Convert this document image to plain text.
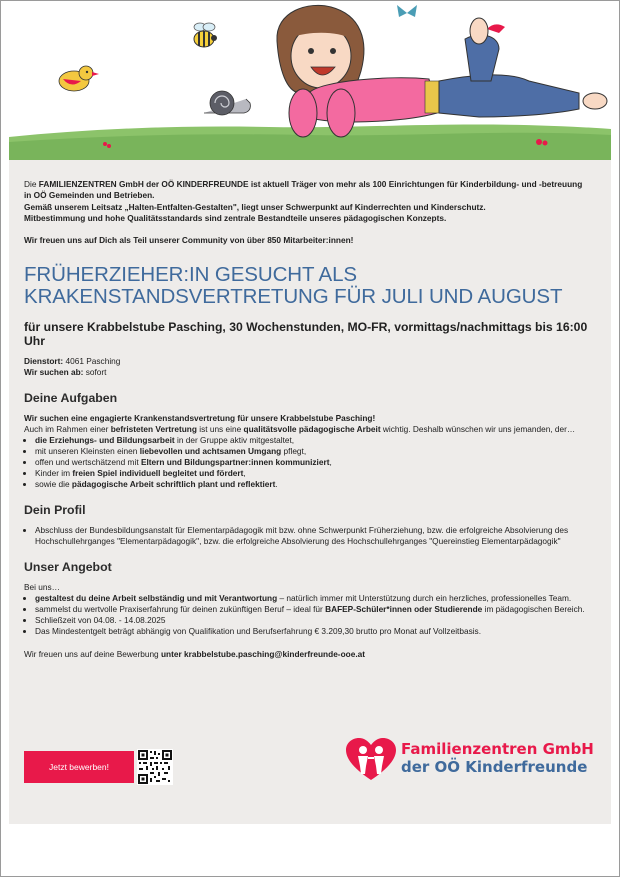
Die FAMILIENZENTREN GmbH der OÖ KINDERFREUNDE ist aktuell Träger von mehr als 100 Einrichtungen für Kinderbildung- und -betreuung in OÖ Gemeinden und Betrieben.

Gemäß unserem Leitsatz „Halten-Entfalten-Gestalten", liegt unser Schwerpunkt auf Kinderrechten und Kinderschutz.

Mitbestimmung und hohe Qualitätsstandards sind zentrale Bestandteile unseres pädagogischen Konzepts.

Wir freuen uns auf Dich als Teil unserer Community von über 850 Mitarbeiter:innen!

FRÜHERZIEHER:IN GESUCHT ALS KRAKENSTANDSVERTRETUNG FÜR JULI UND AUGUST
für unsere Krabbelstube Pasching, 30 Wochenstunden, MO-FR, vormittags/nachmittags bis 16:00 Uhr
Dienstort: 4061 Pasching
Wir suchen ab: sofort
Deine Aufgaben

Wir suchen eine engagierte Krankenstandsvertretung für unsere Krabbelstube Pasching!

Auch im Rahmen einer befristeten Vertretung ist uns eine qualitätsvolle pädagogische Arbeit wichtig. Deshalb wünschen wir uns jemanden, der…

• die Erziehungs- und Bildungsarbeit in der Gruppe aktiv mitgestaltet,
• mit unseren Kleinsten einen liebevollen und achtsamen Umgang pflegt,
• offen und wertschätzend mit Eltern und Bildungspartner:innen kommuniziert,
• Kinder im freien Spiel individuell begleitet und fördert,
• sowie die pädagogische Arbeit schriftlich plant und reflektiert.
Dein Profil
• Abschluss der Bundesbildungsanstalt für Elementarpädagogik mit bzw. ohne Schwerpunkt Früherziehung, bzw. die erfolgreiche Absolvierung des Hochschullehrganges "Elementarpädagogik", bzw. die erfolgreiche Absolvierung des Hochschullehrganges "Quereinstieg Elementarpädagogik"
Unser Angebot

Bei uns…

• gestaltest du deine Arbeit selbständig und mit Verantwortung – natürlich immer mit Unterstützung durch ein herzliches, professionelles Team.
• sammelst du wertvolle Praxiserfahrung für deinen zukünftigen Beruf – ideal für BAFEP-Schüler*innen oder Studierende im pädagogischen Bereich.
• Schließzeit von 04.08. - 14.08.2025
• Das Mindestentgelt beträgt abhängig von Qualifikation und Berufserfahrung € 3.209,30 brutto pro Monat auf Vollzeitbasis.

Wir freuen uns auf deine Bewerbung unter krabbelstube.pasching@kinderfreunde-ooe.at

Jetzt bewerben!
Familienzentren GmbH
der OÖ Kinderfreunde
